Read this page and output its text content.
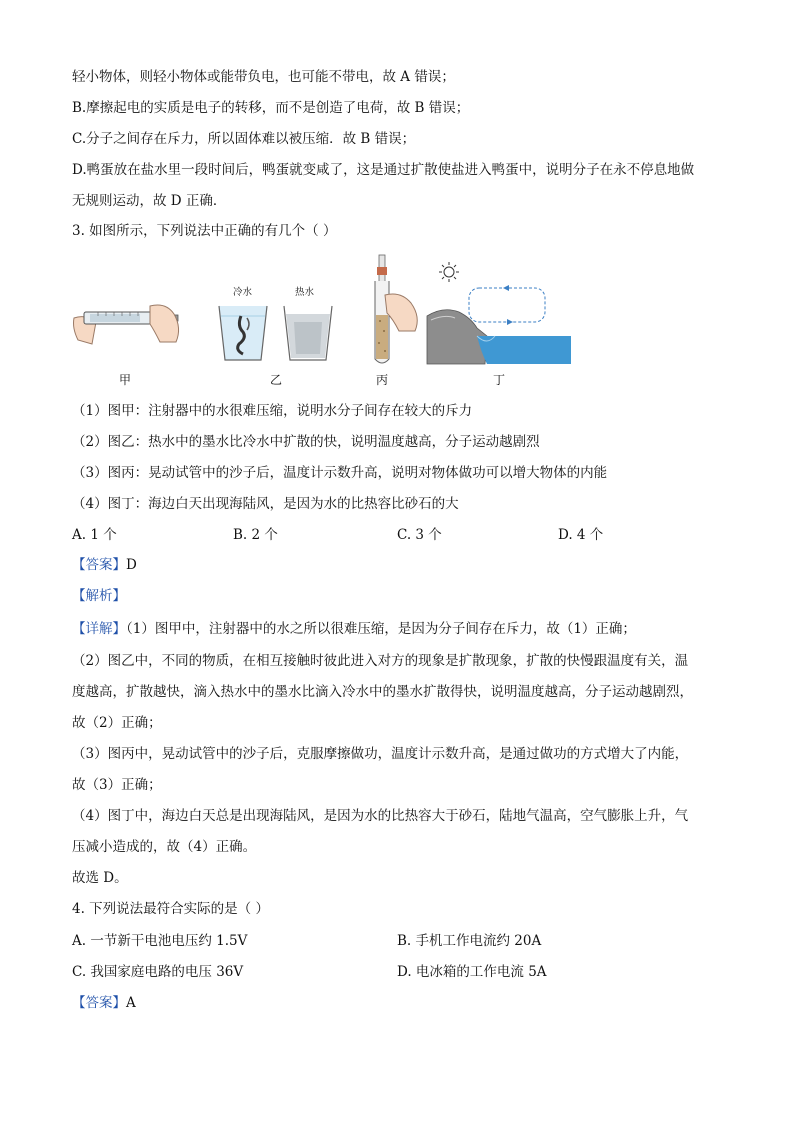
轻小物体，则轻小物体或能带负电，也可能不带电，故 A 错误；
B.摩擦起电的实质是电子的转移，而不是创造了电荷，故 B 错误；
C.分子之间存在斥力，所以固体难以被压缩．故 B 错误；
D.鸭蛋放在盐水里一段时间后，鸭蛋就变咸了，这是通过扩散使盐进入鸭蛋中，说明分子在永不停息地做
无规则运动，故 D 正确．
3. 如图所示，下列说法中正确的有几个（ ）
冷水	热水
甲	乙	丙	丁
（1）图甲：注射器中的水很难压缩，说明水分子间存在较大的斥力
（2）图乙：热水中的墨水比冷水中扩散的快，说明温度越高，分子运动越剧烈
（3）图丙：晃动试管中的沙子后，温度计示数升高，说明对物体做功可以增大物体的内能
（4）图丁：海边白天出现海陆风，是因为水的比热容比砂石的大
A. 1 个	B. 2 个	C. 3 个	D. 4 个
【答案】D
【解析】
【详解】（1）图甲中，注射器中的水之所以很难压缩，是因为分子间存在斥力，故（1）正确；
（2）图乙中，不同的物质，在相互接触时彼此进入对方的现象是扩散现象，扩散的快慢跟温度有关，温
度越高，扩散越快，滴入热水中的墨水比滴入冷水中的墨水扩散得快，说明温度越高，分子运动越剧烈，
故（2）正确；
（3）图丙中，晃动试管中的沙子后，克服摩擦做功，温度计示数升高，是通过做功的方式增大了内能，
故（3）正确；
（4）图丁中，海边白天总是出现海陆风，是因为水的比热容大于砂石，陆地气温高，空气膨胀上升，气
压减小造成的，故（4）正确。
故选 D。
4. 下列说法最符合实际的是（ ）
A. 一节新干电池电压约 1.5V	B. 手机工作电流约 20A
C. 我国家庭电路的电压 36V	D. 电冰箱的工作电流 5A
【答案】A
